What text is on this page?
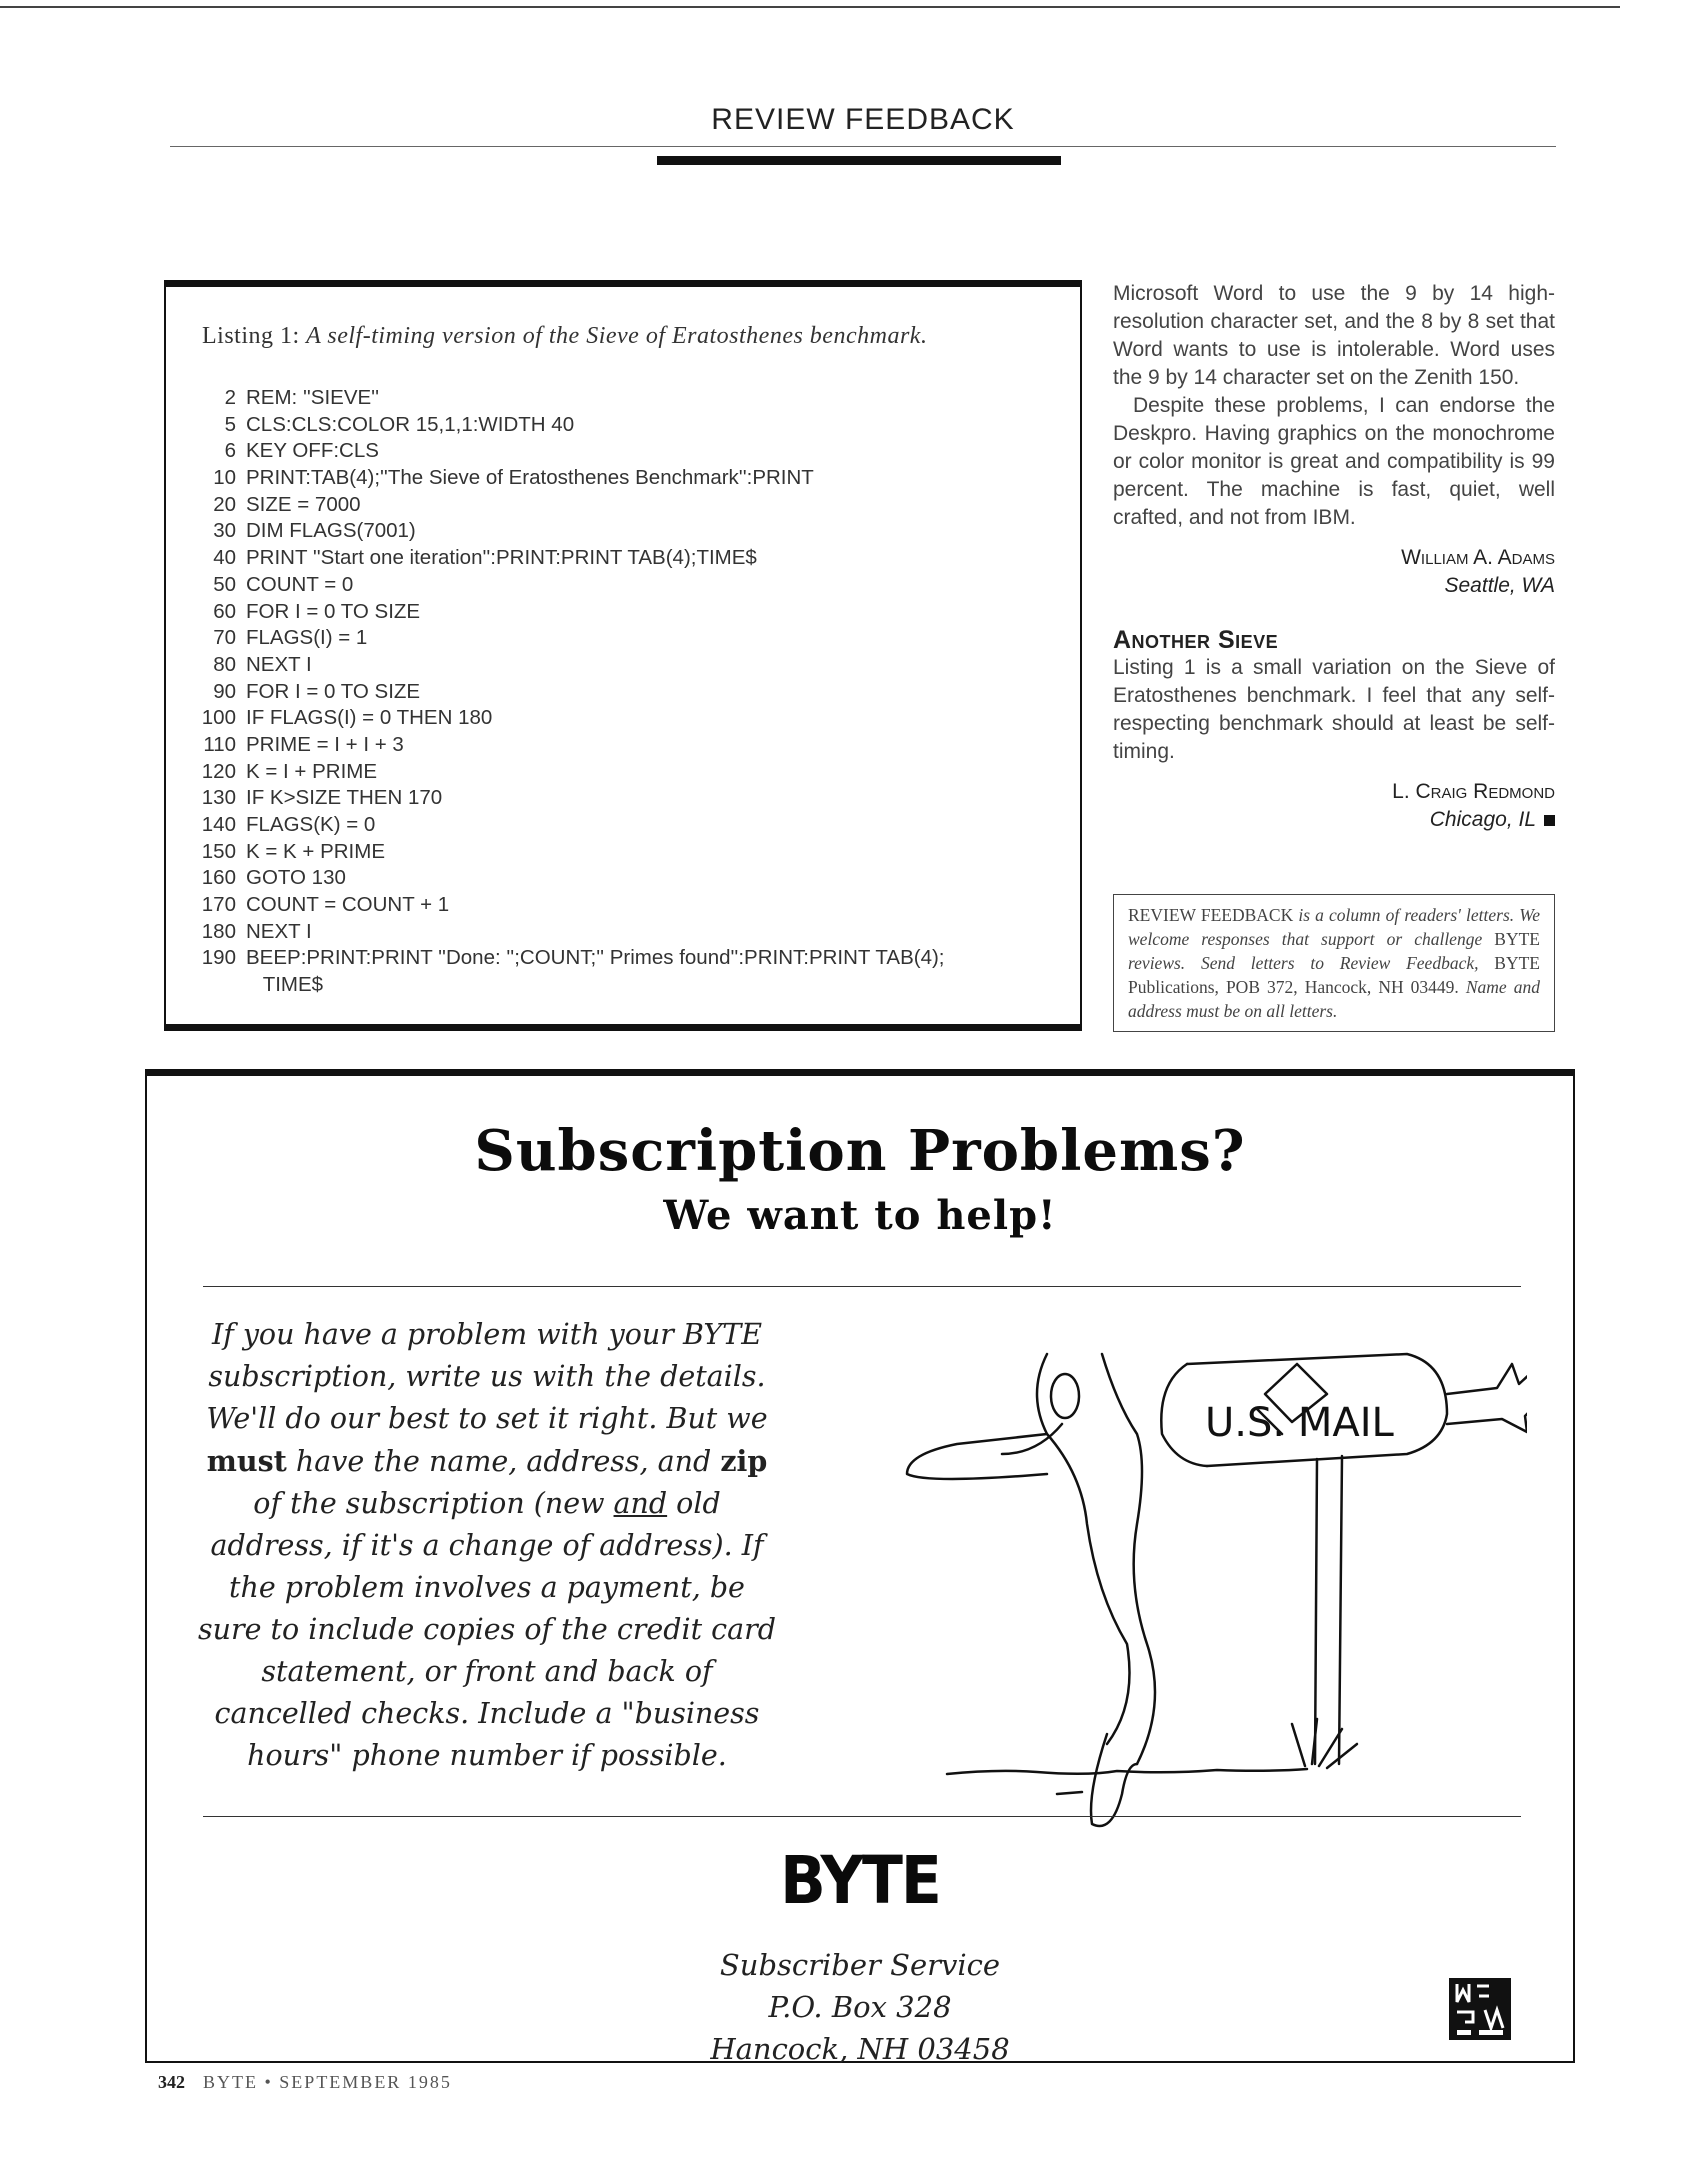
REVIEW FEEDBACK
Listing 1: A self-timing version of the Sieve of Eratosthenes benchmark.
2 REM: ''SIEVE''
5 CLS:CLS:COLOR 15,1,1:WIDTH 40
6 KEY OFF:CLS
10 PRINT:TAB(4);''The Sieve of Eratosthenes Benchmark'':PRINT
20 SIZE = 7000
30 DIM FLAGS(7001)
40 PRINT ''Start one iteration'':PRINT:PRINT TAB(4);TIME$
50 COUNT = 0
60 FOR I = 0 TO SIZE
70 FLAGS(I) = 1
80 NEXT I
90 FOR I = 0 TO SIZE
100 IF FLAGS(I) = 0 THEN 180
110 PRIME = I + I + 3
120 K = I + PRIME
130 IF K>SIZE THEN 170
140 FLAGS(K) = 0
150 K = K + PRIME
160 GOTO 130
170 COUNT = COUNT + 1
180 NEXT I
190 BEEP:PRINT:PRINT ''Done: '';COUNT;'' Primes found'':PRINT:PRINT TAB(4);
TIME$

Microsoft Word to use the 9 by 14 high-resolution character set, and the 8 by 8 set that Word wants to use is intolerable. Word uses the 9 by 14 character set on the Zenith 150.

Despite these problems, I can endorse the Deskpro. Having graphics on the monochrome or color monitor is great and compatibility is 99 percent. The machine is fast, quiet, well crafted, and not from IBM.

William A. Adams
Seattle, WA
Another Sieve

Listing 1 is a small variation on the Sieve of Eratosthenes benchmark. I feel that any self-respecting benchmark should at least be self-timing.

L. Craig Redmond
Chicago, IL
REVIEW FEEDBACK is a column of readers' letters. We welcome responses that support or challenge BYTE reviews. Send letters to Review Feedback, BYTE Publications, POB 372, Hancock, NH 03449. Name and address must be on all letters.
Subscription Problems?
We want to help!
If you have a problem with your BYTE subscription, write us with the details. We'll do our best to set it right. But we must have the name, address, and zip of the subscription (new and old address, if it's a change of address). If the problem involves a payment, be sure to include copies of the credit card statement, or front and back of cancelled checks. Include a "business hours" phone number if possible.
U.S. MAIL
BYTE
Subscriber Service
P.O. Box 328
Hancock, NH 03458
342 BYTE • SEPTEMBER 1985
